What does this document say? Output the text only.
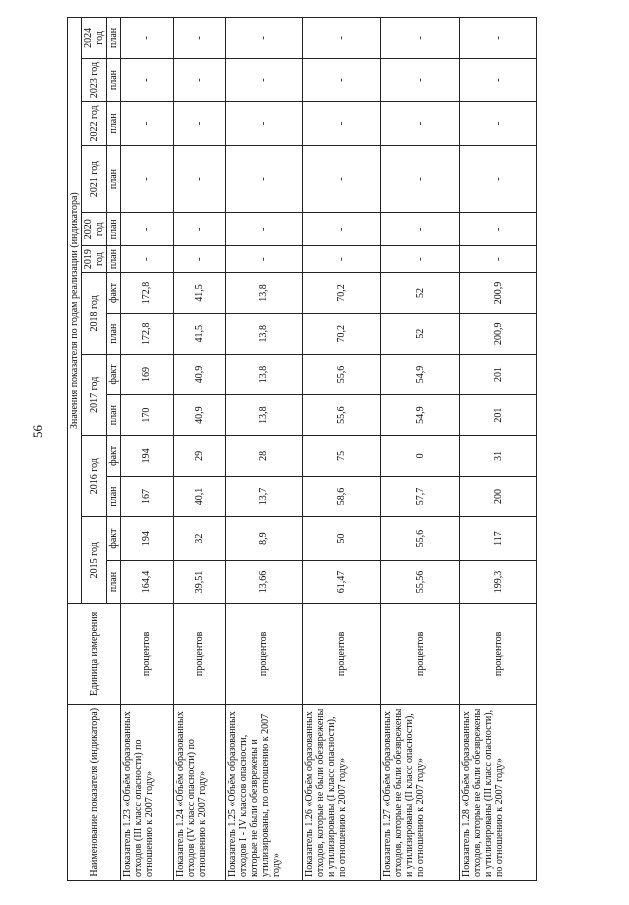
56
Наименование показателя (индикатора)	Единица измерения	Значения показателя по годам реализации (индикатора)													
		2015 год		2016 год		2017 год		2018 год		2019 год	2020 год	2021 год	2022 год	2023 год	2024 год
		план	факт	план	факт	план	факт	план	факт	план	план	план	план	план	план
Показатель 1.23 «Объём образованных отходов (III класс опасности) по отношению к 2007 году»	процентов	164,4	194	167	194	170	169	172,8	172,8	-	-	-	-	-	-
Показатель 1.24 «Объём образованных отходов (IV класс опасности) по отношению к 2007 году»	процентов	39,51	32	40,1	29	40,9	40,9	41,5	41,5	-	-	-	-	-	-
Показатель 1.25 «Объём образованных отходов I - IV классов опасности, которые не были обезврежены и утилизированы, по отношению к 2007 году»	процентов	13,66	8,9	13,7	28	13,8	13,8	13,8	13,8	-	-	-	-	-	-
Показатель 1.26 «Объём образованных отходов, которые не были обезврежены и утилизированы (I класс опасности), по отношению к 2007 году»	процентов	61,47	50	58,6	75	55,6	55,6	70,2	70,2	-	-	-	-	-	-
Показатель 1.27 «Объём образованных отходов, которые не были обезврежены и утилизированы (II класс опасности), по отношению к 2007 году»	процентов	55,56	55,6	57,7	0	54,9	54,9	52	52	-	-	-	-	-	-
Показатель 1.28 «Объём образованных отходов, которые не были обезврежены и утилизированы (III класс опасности), по отношению к 2007 году»	процентов	199,3	117	200	31	201	201	200,9	200,9	-	-	-	-	-	-
